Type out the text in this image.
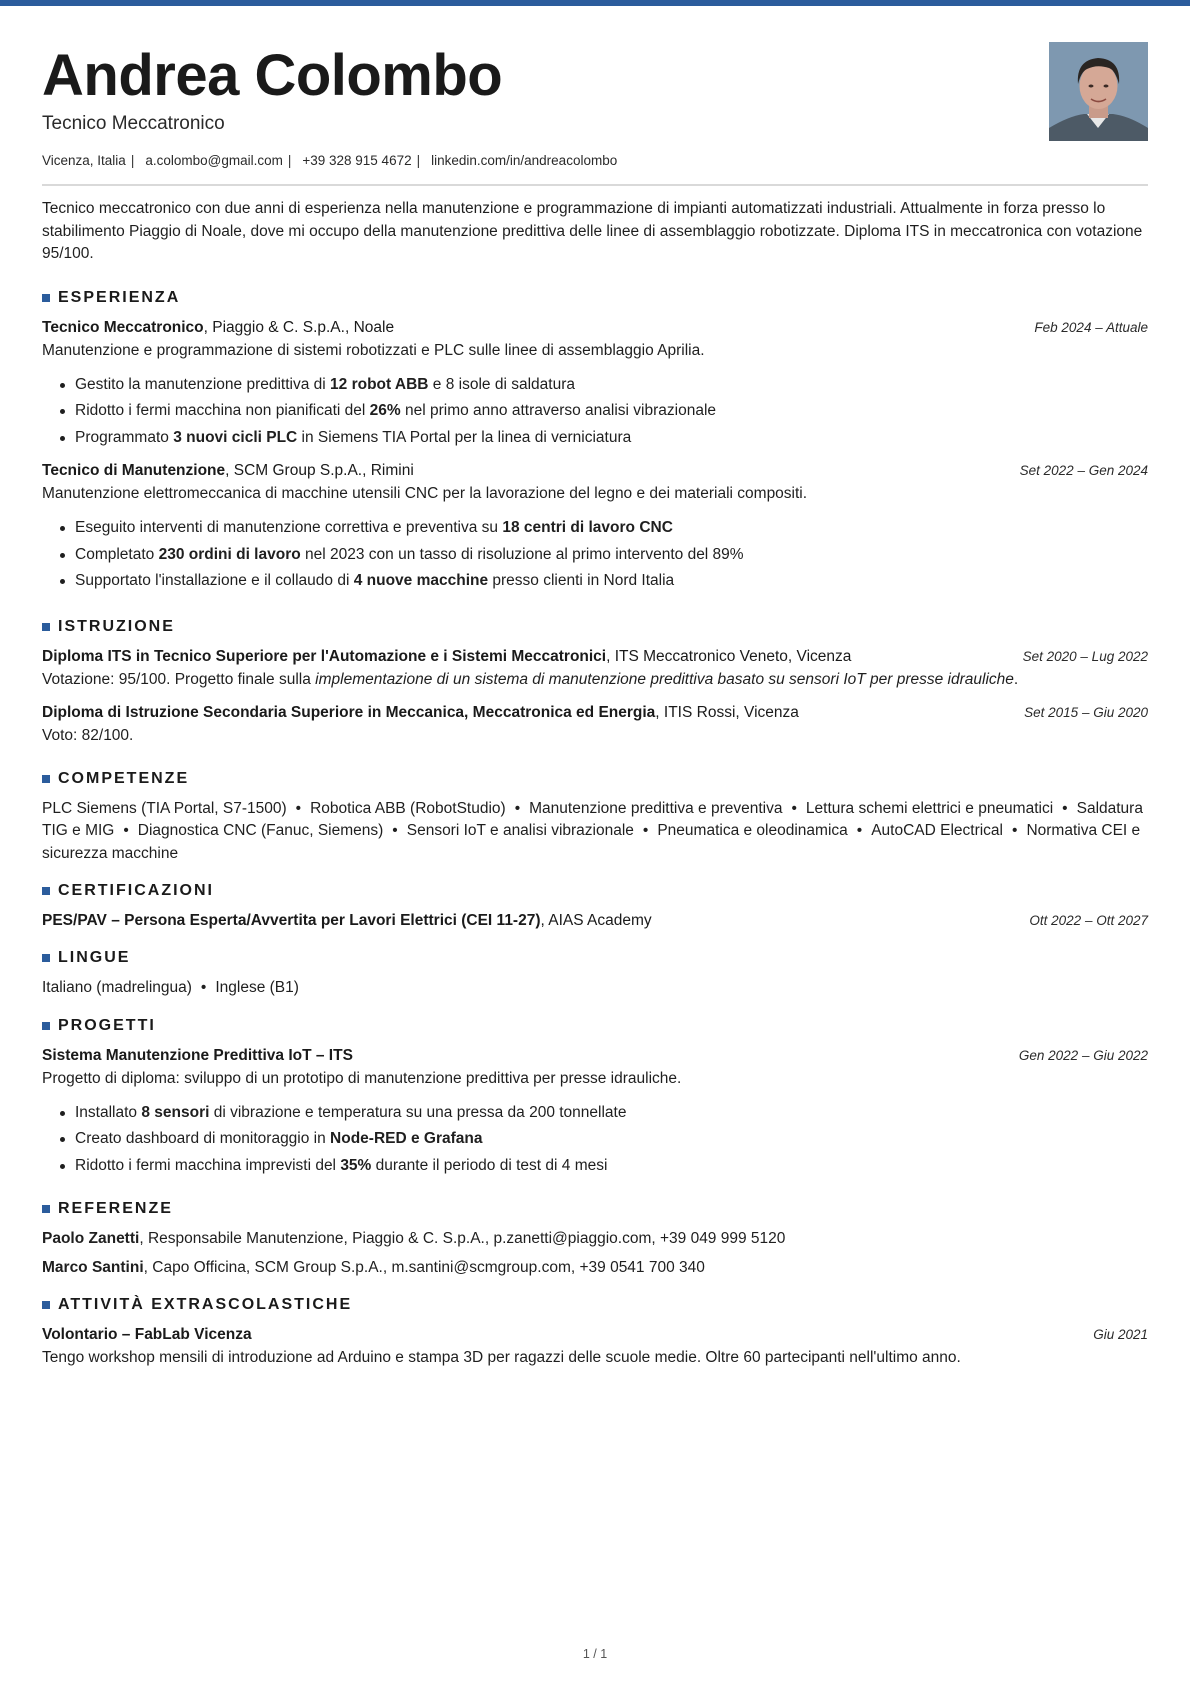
Andrea Colombo
Tecnico Meccatronico
Vicenza, Italia | a.colombo@gmail.com | +39 328 915 4672 | linkedin.com/in/andreacolombo

Tecnico meccatronico con due anni di esperienza nella manutenzione e programmazione di impianti automatizzati industriali. Attualmente in forza presso lo stabilimento Piaggio di Noale, dove mi occupo della manutenzione predittiva delle linee di assemblaggio robotizzate. Diploma ITS in meccatronica con votazione 95/100.

ESPERIENZA
Tecnico Meccatronico, Piaggio & C. S.p.A., Noale	Feb 2024 – Attuale
Manutenzione e programmazione di sistemi robotizzati e PLC sulle linee di assemblaggio Aprilia.
Gestito la manutenzione predittiva di 12 robot ABB e 8 isole di saldatura
Ridotto i fermi macchina non pianificati del 26% nel primo anno attraverso analisi vibrazionale
Programmato 3 nuovi cicli PLC in Siemens TIA Portal per la linea di verniciatura
Tecnico di Manutenzione, SCM Group S.p.A., Rimini	Set 2022 – Gen 2024
Manutenzione elettromeccanica di macchine utensili CNC per la lavorazione del legno e dei materiali compositi.
Eseguito interventi di manutenzione correttiva e preventiva su 18 centri di lavoro CNC
Completato 230 ordini di lavoro nel 2023 con un tasso di risoluzione al primo intervento del 89%
Supportato l'installazione e il collaudo di 4 nuove macchine presso clienti in Nord Italia
ISTRUZIONE
Diploma ITS in Tecnico Superiore per l'Automazione e i Sistemi Meccatronici, ITS Meccatronico Veneto, Vicenza	Set 2020 – Lug 2022
Votazione: 95/100. Progetto finale sulla implementazione di un sistema di manutenzione predittiva basato su sensori IoT per presse idrauliche.
Diploma di Istruzione Secondaria Superiore in Meccanica, Meccatronica ed Energia, ITIS Rossi, Vicenza	Set 2015 – Giu 2020
Voto: 82/100.
COMPETENZE
PLC Siemens (TIA Portal, S7-1500) • Robotica ABB (RobotStudio) • Manutenzione predittiva e preventiva • Lettura schemi elettrici e pneumatici • Saldatura TIG e MIG • Diagnostica CNC (Fanuc, Siemens) • Sensori IoT e analisi vibrazionale • Pneumatica e oleodinamica • AutoCAD Electrical • Normativa CEI e sicurezza macchine
CERTIFICAZIONI
PES/PAV – Persona Esperta/Avvertita per Lavori Elettrici (CEI 11-27), AIAS Academy	Ott 2022 – Ott 2027
LINGUE
Italiano (madrelingua) • Inglese (B1)
PROGETTI
Sistema Manutenzione Predittiva IoT – ITS	Gen 2022 – Giu 2022
Progetto di diploma: sviluppo di un prototipo di manutenzione predittiva per presse idrauliche.
Installato 8 sensori di vibrazione e temperatura su una pressa da 200 tonnellate
Creato dashboard di monitoraggio in Node-RED e Grafana
Ridotto i fermi macchina imprevisti del 35% durante il periodo di test di 4 mesi
REFERENZE
Paolo Zanetti, Responsabile Manutenzione, Piaggio & C. S.p.A., p.zanetti@piaggio.com, +39 049 999 5120
Marco Santini, Capo Officina, SCM Group S.p.A., m.santini@scmgroup.com, +39 0541 700 340
ATTIVITÀ EXTRASCOLASTICHE
Volontario – FabLab Vicenza	Giu 2021
Tengo workshop mensili di introduzione ad Arduino e stampa 3D per ragazzi delle scuole medie. Oltre 60 partecipanti nell'ultimo anno.
1 / 1
